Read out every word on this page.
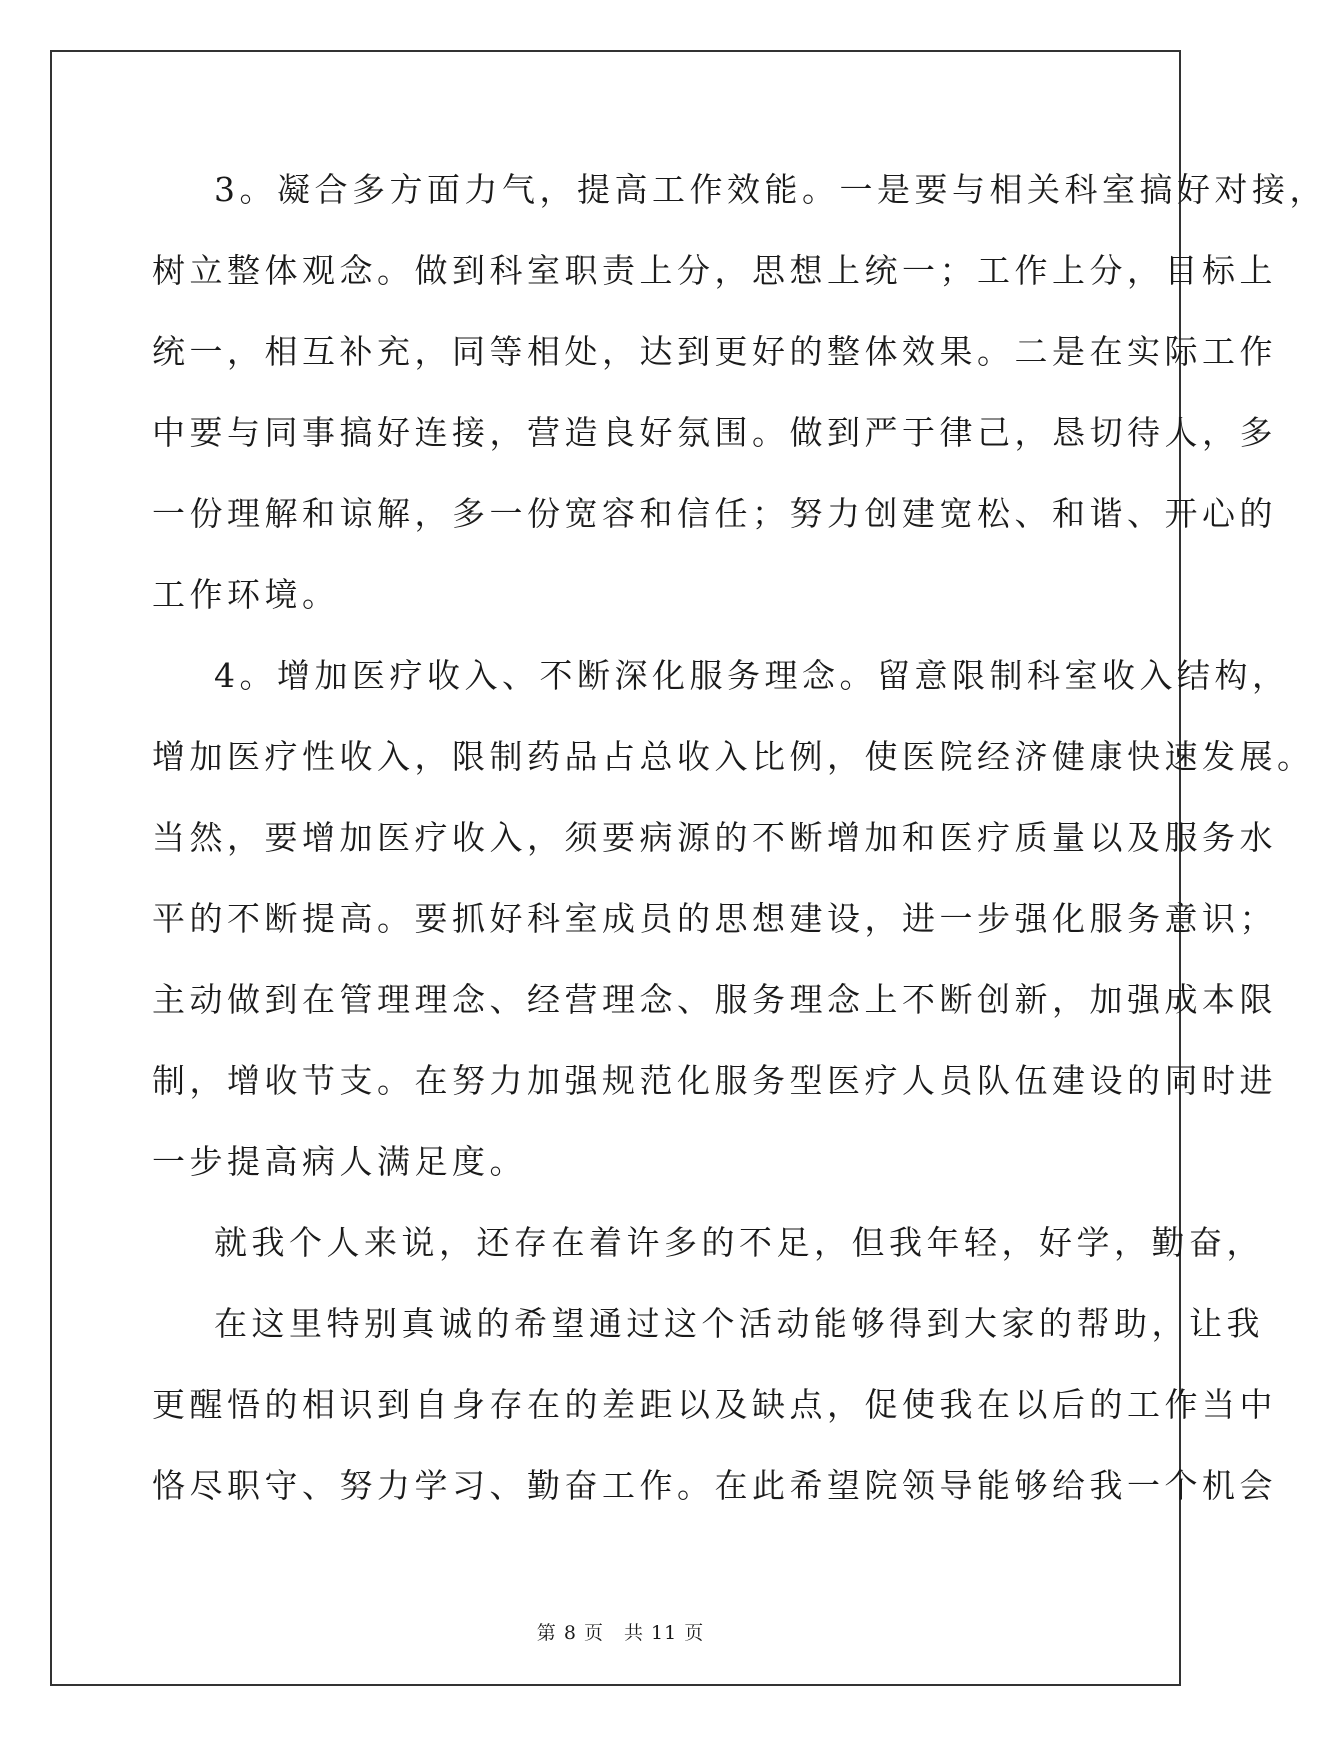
3。凝合多方面力气，提高工作效能。一是要与相关科室搞好对接，
树立整体观念。做到科室职责上分，思想上统一；工作上分，目标上
统一，相互补充，同等相处，达到更好的整体效果。二是在实际工作
中要与同事搞好连接，营造良好氛围。做到严于律己，恳切待人，多
一份理解和谅解，多一份宽容和信任；努力创建宽松、和谐、开心的
工作环境。
4。增加医疗收入、不断深化服务理念。留意限制科室收入结构，
增加医疗性收入，限制药品占总收入比例，使医院经济健康快速发展。
当然，要增加医疗收入，须要病源的不断增加和医疗质量以及服务水
平的不断提高。要抓好科室成员的思想建设，进一步强化服务意识；
主动做到在管理理念、经营理念、服务理念上不断创新，加强成本限
制，增收节支。在努力加强规范化服务型医疗人员队伍建设的同时进
一步提高病人满足度。
就我个人来说，还存在着许多的不足，但我年轻，好学，勤奋，
在这里特别真诚的希望通过这个活动能够得到大家的帮助，让我
更醒悟的相识到自身存在的差距以及缺点，促使我在以后的工作当中
恪尽职守、努力学习、勤奋工作。在此希望院领导能够给我一个机会
第 8 页　共 11 页
